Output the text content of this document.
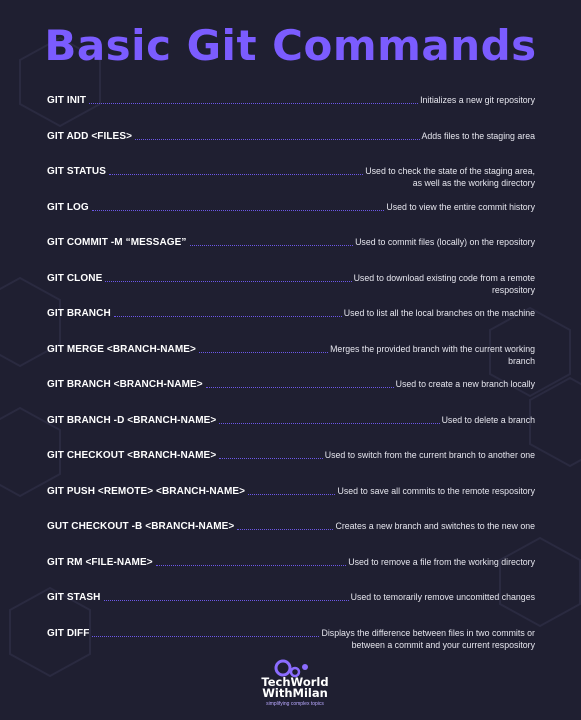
Basic Git Commands
GIT INIT	Initializes a new git repository
GIT ADD <FILES>	Adds files to the staging area
GIT STATUS	Used to check the state of the staging area,
as well as the working directory
GIT LOG	Used to view the entire commit history
GIT COMMIT -M “MESSAGE”	Used to commit files (locally) on the repository
GIT CLONE	Used to download existing code from a remote
respository
GIT BRANCH	Used to list all the local branches on the machine
GIT MERGE <BRANCH-NAME>	Merges the provided branch with the current working
branch
GIT BRANCH <BRANCH-NAME>	Used to create a new branch locally
GIT BRANCH -D <BRANCH-NAME>	Used to delete a branch
GIT CHECKOUT <BRANCH-NAME>	Used to switch from the current branch to another one
GIT PUSH <REMOTE> <BRANCH-NAME>	Used to save all commits to the remote respository
GUT CHECKOUT -B <BRANCH-NAME>	Creates a new branch and switches to the new one
GIT RM <FILE-NAME>	Used to remove a file from the working directory
GIT STASH	Used to temorarily remove uncomitted changes
GIT DIFF	Displays the difference between files in two commits or
between a commit and your current respository
TechWorld
WithMilan
simplifying complex topics
